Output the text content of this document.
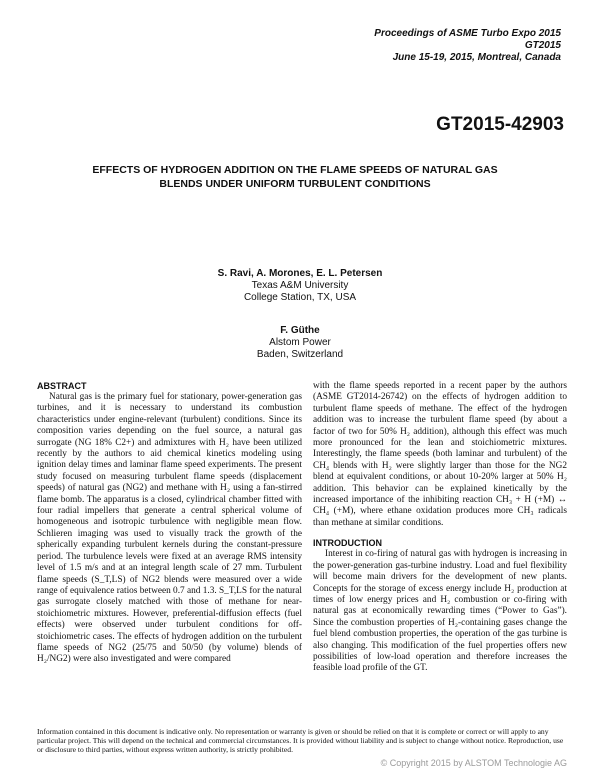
Proceedings of ASME Turbo Expo 2015
GT2015
June 15-19, 2015, Montreal, Canada
GT2015-42903
EFFECTS OF HYDROGEN ADDITION ON THE FLAME SPEEDS OF NATURAL GAS
BLENDS UNDER UNIFORM TURBULENT CONDITIONS
S. Ravi, A. Morones, E. L. Petersen
Texas A&M University
College Station, TX, USA
F. Güthe
Alstom Power
Baden, Switzerland
ABSTRACT

Natural gas is the primary fuel for stationary, power-generation gas turbines, and it is necessary to understand its combustion characteristics under engine-relevant (turbulent) conditions. Since its composition varies depending on the fuel source, a natural gas surrogate (NG 18% C2+) and admixtures with H₂ have been utilized recently by the authors to aid chemical kinetics modeling using ignition delay times and laminar flame speed experiments. The present study focused on measuring turbulent flame speeds (displacement speeds) of natural gas (NG2) and methane with H₂ using a fan-stirred flame bomb. The apparatus is a closed, cylindrical chamber fitted with four radial impellers that generate a central spherical volume of homogeneous and isotropic turbulence with negligible mean flow. Schlieren imaging was used to visually track the growth of the spherically expanding turbulent kernels during the constant-pressure period. The turbulence levels were fixed at an average RMS intensity level of 1.5 m/s and at an integral length scale of 27 mm. Turbulent flame speeds (S_T,LS) of NG2 blends were measured over a wide range of equivalence ratios between 0.7 and 1.3. S_T,LS for the natural gas surrogate closely matched with those of methane for near-stoichiometric mixtures. However, preferential-diffusion effects (fuel effects) were observed under turbulent conditions for off-stoichiometric cases. The effects of hydrogen addition on the turbulent flame speeds of NG2 (25/75 and 50/50 (by volume) blends of H₂/NG2) were also investigated and were compared

with the flame speeds reported in a recent paper by the authors (ASME GT2014-26742) on the effects of hydrogen addition to turbulent flame speeds of methane. The effect of the hydrogen addition was to increase the turbulent flame speed (by about a factor of two for 50% H₂ addition), although this effect was much more pronounced for the lean and stoichiometric mixtures. Interestingly, the flame speeds (both laminar and turbulent) of the CH₄ blends with H₂ were slightly larger than those for the NG2 blend at equivalent conditions, or about 10-20% larger at 50% H₂ addition. This behavior can be explained kinetically by the increased importance of the inhibiting reaction CH₃ + H (+M) ↔ CH₄ (+M), where ethane oxidation produces more CH₃ radicals than methane at similar conditions.

INTRODUCTION

Interest in co-firing of natural gas with hydrogen is increasing in the power-generation gas-turbine industry. Load and fuel flexibility will become main drivers for the development of new plants. Concepts for the storage of excess energy include H₂ production at times of low energy prices and H₂ combustion or co-firing with natural gas at economically rewarding times (“Power to Gas”). Since the combustion properties of H₂-containing gases change the fuel blend combustion properties, the operation of the gas turbine is also changing. This modification of the fuel properties offers new possibilities of low-load operation and therefore increases the feasible load profile of the GT.

Information contained in this document is indicative only. No representation or warranty is given or should be relied on that it is complete or correct or will apply to any particular project. This will depend on the technical and commercial circumstances. It is provided without liability and is subject to change without notice. Reproduction, use or disclosure to third parties, without express written authority, is strictly prohibited.
© Copyright 2015 by ALSTOM Technologie AG
